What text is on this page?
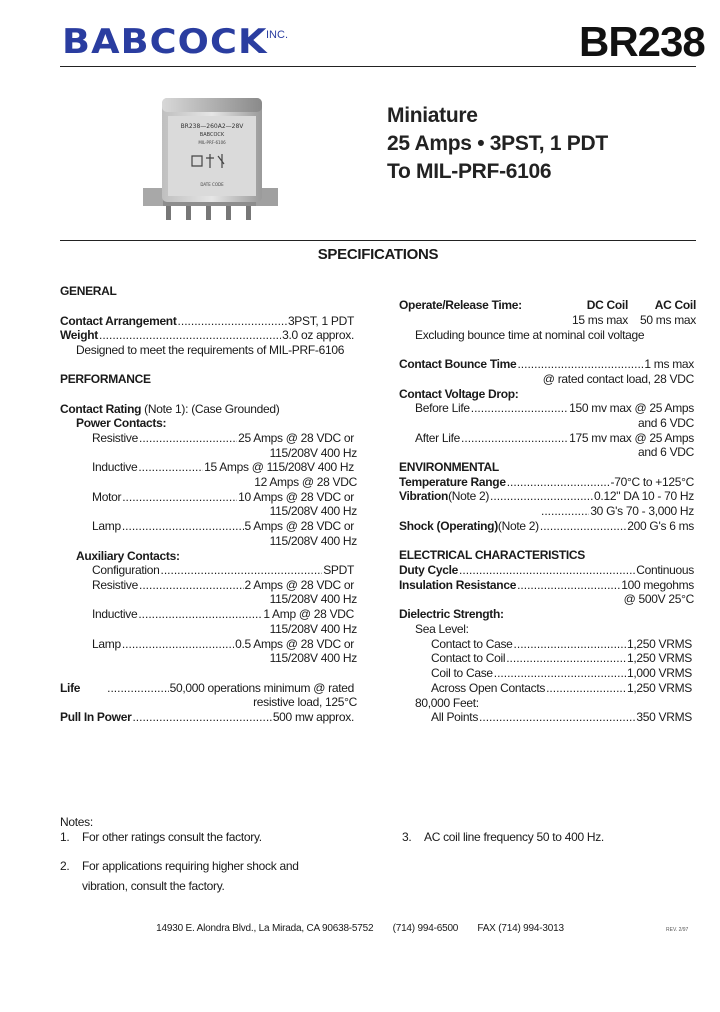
BABCOCK
INC.	BR238
BR238—260A2—28V
BABCOCK
MIL-PRF-6106
DATE CODE
Miniature
25 Amps • 3PST, 1 PDT
To MIL-PRF-6106
SPECIFICATIONS
GENERAL
Contact Arrangement .....	3PST, 1 PDT
Weight .....	3.0 oz approx.
Designed to meet the requirements of MIL-PRF-6106
PERFORMANCE
Contact Rating (Note 1): (Case Grounded)
Power Contacts:
Resistive .....	25 Amps @ 28 VDC or
115/208V 400 Hz
Inductive .....	15 Amps @ 115/208V 400 Hz
12 Amps @ 28 VDC
Motor .....	10 Amps @ 28 VDC or
115/208V 400 Hz
Lamp .....	5 Amps @ 28 VDC or
115/208V 400 Hz
Auxiliary Contacts:
Configuration .....	SPDT
Resistive .....	2 Amps @ 28 VDC or
115/208V 400 Hz
Inductive .....	1 Amp @ 28 VDC
115/208V 400 Hz
Lamp .....	0.5 Amps @ 28 VDC or
115/208V 400 Hz
Life .....	50,000 operations minimum @ rated
resistive load, 125°C
Pull In Power .....	500 mw approx.
Operate/Release Time:	DC Coil AC Coil
15 ms max 50 ms max
Excluding bounce time at nominal coil voltage
Contact Bounce Time .....	1 ms max
@ rated contact load, 28 VDC
Contact Voltage Drop:
Before Life .....	150 mv max @ 25 Amps
and 6 VDC
After Life .....	175 mv max @ 25 Amps
and 6 VDC
ENVIRONMENTAL
Temperature Range .....	-70°C to +125°C
Vibration (Note 2) .....	0.12" DA 10 - 70 Hz
.....
30 G's 70 - 3,000 Hz
Shock (Operating) (Note 2) .....	200 G's 6 ms
ELECTRICAL CHARACTERISTICS
Duty Cycle .....	Continuous
Insulation Resistance .....	100 megohms
@ 500V 25°C
Dielectric Strength:
Sea Level:
Contact to Case .....	1,250 VRMS
Contact to Coil .....	1,250 VRMS
Coil to Case .....	1,000 VRMS
Across Open Contacts .....	1,250 VRMS
80,000 Feet:
All Points .....	350 VRMS
Notes:
1. For other ratings consult the factory.
2. For applications requiring higher shock and
vibration, consult the factory.
3. AC coil line frequency 50 to 400 Hz.
14930 E. Alondra Blvd., La Mirada, CA 90638-5752 (714) 994-6500 FAX (714) 994-3013	REV. 2/97
